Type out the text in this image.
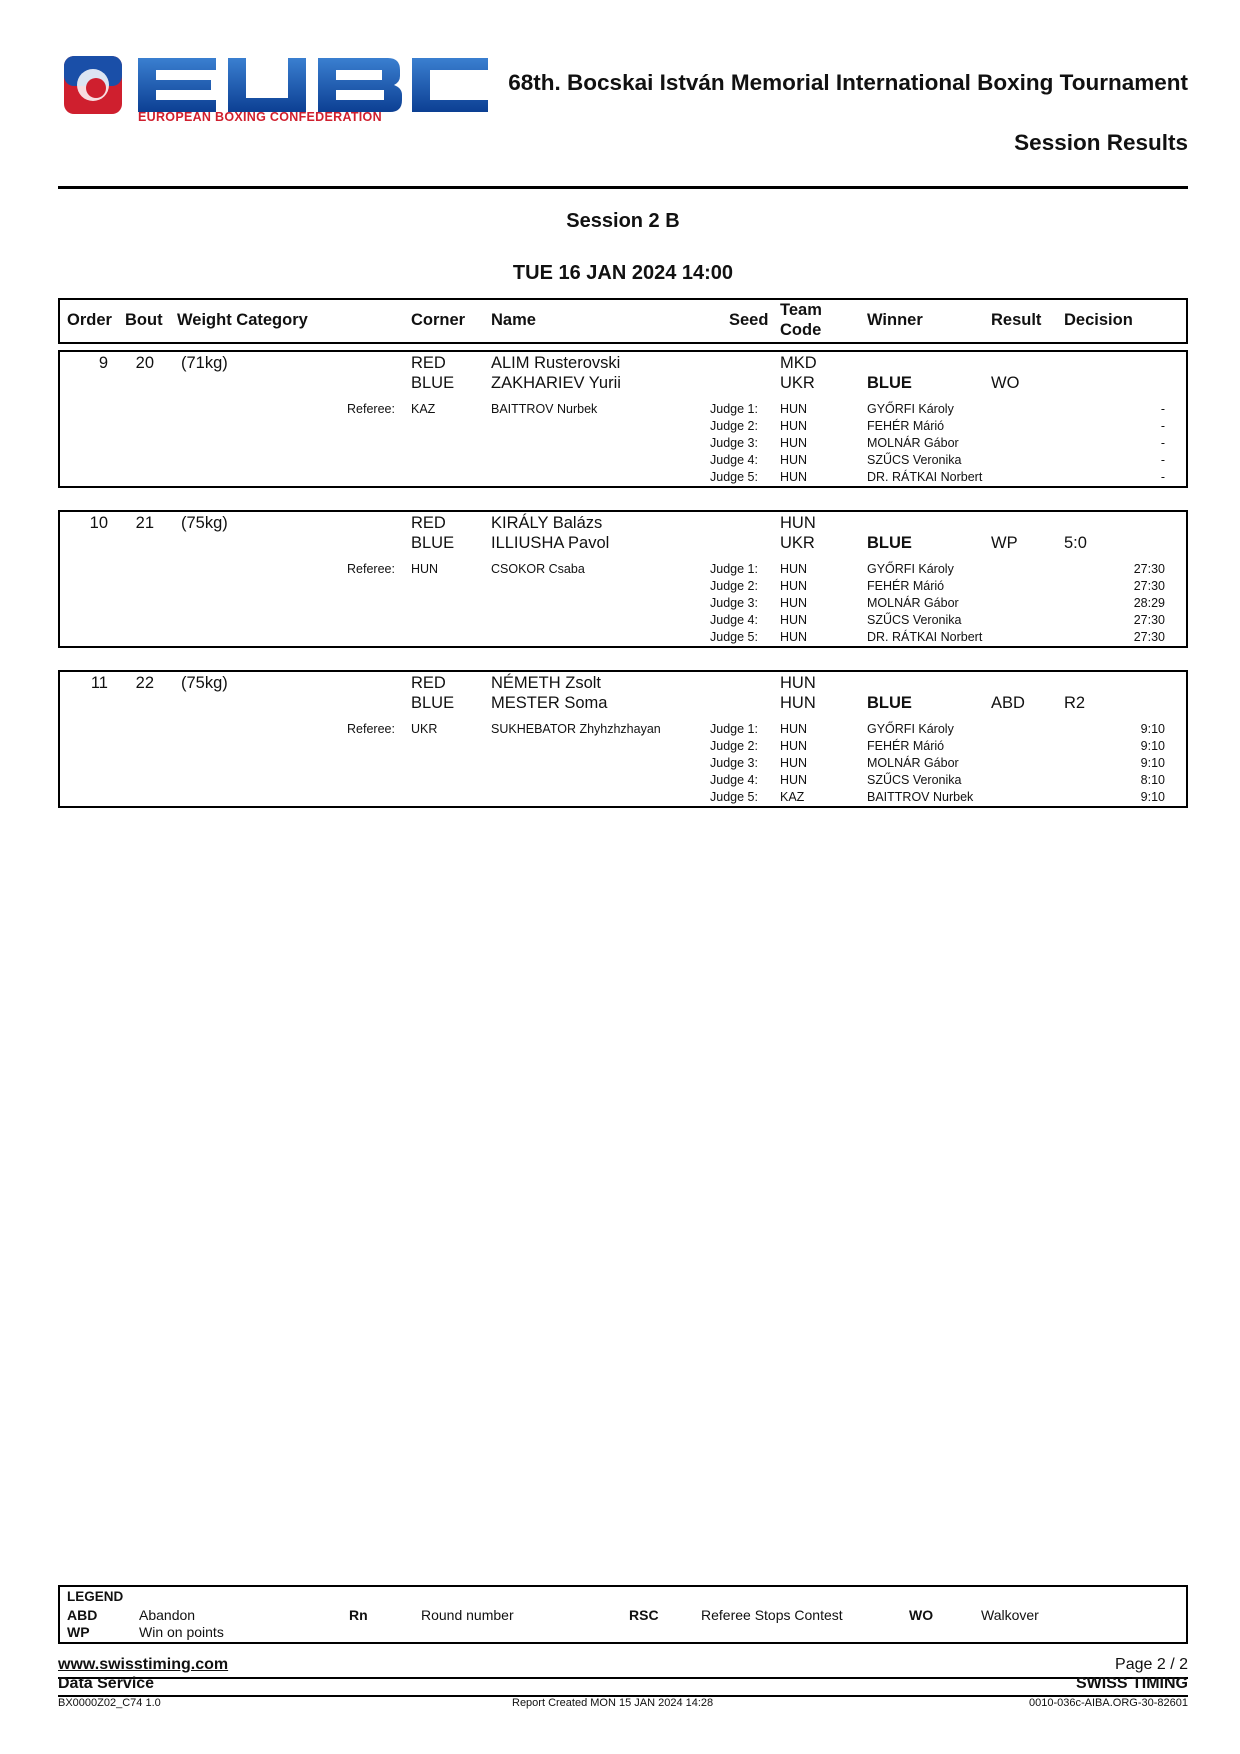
EUROPEAN BOXING CONFEDERATION
68th. Bocskai István Memorial International Boxing Tournament
Session Results
Session 2 B
TUE 16 JAN 2024 14:00
Order Bout Weight Category	Corner Name	Seed
Team
Code
Winner	Result Decision
9	20 (71kg)	RED	ALIM Rusterovski	MKD
BLUE ZAKHARIEV Yurii	UKR	BLUE	WO
Referee: KAZ	BAITTROV Nurbek	Judge 1: HUN	GYŐRFI Károly	-
Judge 2: HUN	FEHÉR Márió	-
Judge 3: HUN	MOLNÁR Gábor	-
Judge 4: HUN	SZŰCS Veronika	-
Judge 5: HUN	DR. RÁTKAI Norbert	-
10	21 (75kg)	RED	KIRÁLY Balázs	HUN
BLUE ILLIUSHA Pavol	UKR	BLUE	WP	5:0
Referee: HUN	CSOKOR Csaba	Judge 1: HUN	GYŐRFI Károly	27:30
Judge 2: HUN	FEHÉR Márió	27:30
Judge 3: HUN	MOLNÁR Gábor	28:29
Judge 4: HUN	SZŰCS Veronika	27:30
Judge 5: HUN	DR. RÁTKAI Norbert	27:30
11	22 (75kg)	RED	NÉMETH Zsolt	HUN
BLUE MESTER Soma	HUN	BLUE	ABD R2
Referee: UKR	SUKHEBATOR Zhyhzhzhayan	Judge 1: HUN	GYŐRFI Károly	9:10
Judge 2: HUN	FEHÉR Márió	9:10
Judge 3: HUN	MOLNÁR Gábor	9:10
Judge 4: HUN	SZŰCS Veronika	8:10
Judge 5: KAZ	BAITTROV Nurbek	9:10
LEGEND
ABD	Abandon
WP	Win on points
Rn	Round number	RSC	Referee Stops Contest	WO	Walkover
www.swisstiming.com	Page 2 / 2
Data Service	SWISS TIMING
BX0000Z02_C74 1.0	Report Created MON 15 JAN 2024 14:28	0010-036c-AIBA.ORG-30-82601
